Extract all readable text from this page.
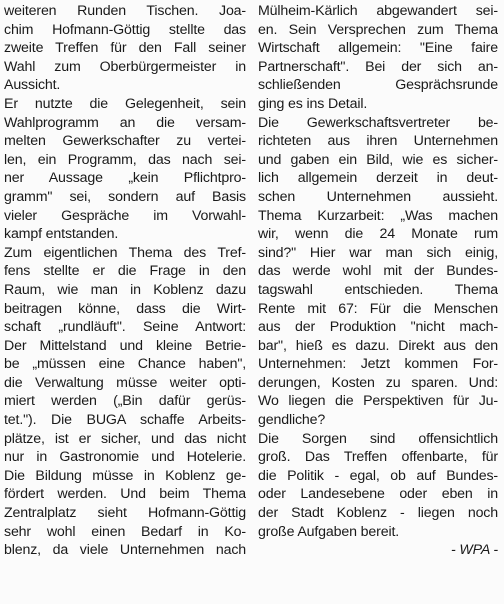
weiteren Runden Tischen. Joa-
chim Hofmann-Göttig stellte das
zweite Treffen für den Fall seiner
Wahl zum Oberbürgermeister in
Aussicht.
Er nutzte die Gelegenheit, sein
Wahlprogramm an die versam-
melten Gewerkschafter zu vertei-
len, ein Programm, das nach sei-
ner Aussage „kein Pflichtpro-
gramm" sei, sondern auf Basis
vieler Gespräche im Vorwahl-
kampf entstanden.
Zum eigentlichen Thema des Tref-
fens stellte er die Frage in den
Raum, wie man in Koblenz dazu
beitragen könne, dass die Wirt-
schaft „rundläuft". Seine Antwort:
Der Mittelstand und kleine Betrie-
be „müssen eine Chance haben",
die Verwaltung müsse weiter opti-
miert werden („Bin dafür gerüs-
tet."). Die BUGA schaffe Arbeits-
plätze, ist er sicher, und das nicht
nur in Gastronomie und Hotelerie.
Die Bildung müsse in Koblenz ge-
fördert werden. Und beim Thema
Zentralplatz sieht Hofmann-Göttig
sehr wohl einen Bedarf in Ko-
blenz, da viele Unternehmen nach
Mülheim-Kärlich abgewandert sei-
en. Sein Versprechen zum Thema
Wirtschaft allgemein: "Eine faire
Partnerschaft". Bei der sich an-
schließenden Gesprächsrunde
ging es ins Detail.
Die Gewerkschaftsvertreter be-
richteten aus ihren Unternehmen
und gaben ein Bild, wie es sicher-
lich allgemein derzeit in deut-
schen Unternehmen aussieht.
Thema Kurzarbeit: „Was machen
wir, wenn die 24 Monate rum
sind?" Hier war man sich einig,
das werde wohl mit der Bundes-
tagswahl entschieden. Thema
Rente mit 67: Für die Menschen
aus der Produktion "nicht mach-
bar", hieß es dazu. Direkt aus den
Unternehmen: Jetzt kommen For-
derungen, Kosten zu sparen. Und:
Wo liegen die Perspektiven für Ju-
gendliche?
Die Sorgen sind offensichtlich
groß. Das Treffen offenbarte, für
die Politik - egal, ob auf Bundes-
oder Landesebene oder eben in
der Stadt Koblenz - liegen noch
große Aufgaben bereit.
- WPA -
